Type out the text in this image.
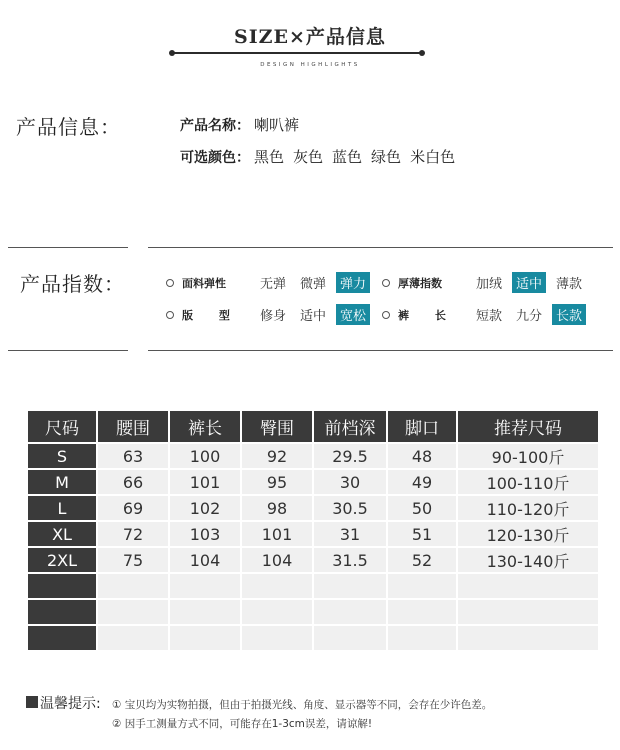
SIZE×产品信息
DESIGN HIGHLIGHTS
产品信息：	产品名称： 喇叭裤
可选颜色： 黑色 灰色 蓝色 绿色 米白色
产品指数：	面料弹性	无弹	微弹	弹力	厚薄指数	加绒	适中	薄款
版 型	修身	适中	宽松	裤 长	短款	九分	长款
尺码	腰围	裤长	臀围	前档深	脚口	推荐尺码
S	63	100	92	29.5	48	90-100斤
M	66	101	95	30	49	100-110斤
L	69	102	98	30.5	50	110-120斤
XL	72	103	101	31	51	120-130斤
2XL	75	104	104	31.5	52	130-140斤

温馨提示: ① 宝贝均为实物拍摄，但由于拍摄光线、角度、显示器等不同，会存在少许色差。
② 因手工测量方式不同，可能存在1-3cm误差，请谅解!
